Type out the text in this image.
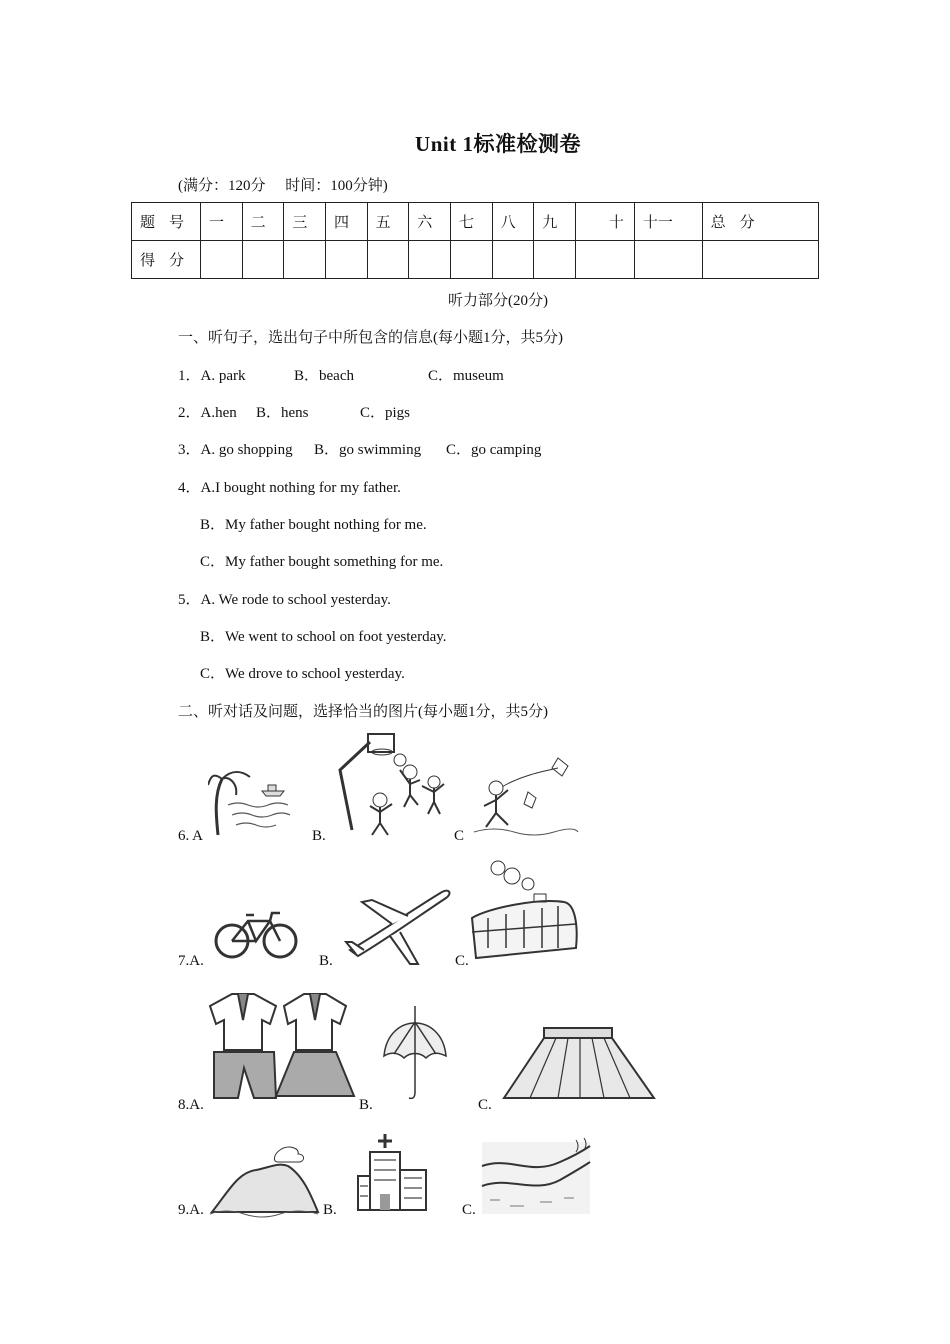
Unit 1标准检测卷
(满分：120分 时间：100分钟)
题号	一	二	三	四	五	六	七	八	九	十	十一	总分
得分												
听力部分(20分)
一、听句子，选出句子中所包含的信息(每小题1分，共5分)
1．A. park	B．beach	C．museum
2．A.hen B．hens	C．pigs
3．A. go shopping B．go swimming C．go camping
4．A.I bought nothing for my father.
B．My father bought nothing for me.
C．My father bought something for me.
5．A. We rode to school yesterday.
B．We went to school on foot yesterday.
C．We drove to school yesterday.
二、听对话及问题，选择恰当的图片(每小题1分，共5分)
6. A	B.	C
7.A.	B.	C.
8.A.	B.	C.
9.A.	B.	C.
